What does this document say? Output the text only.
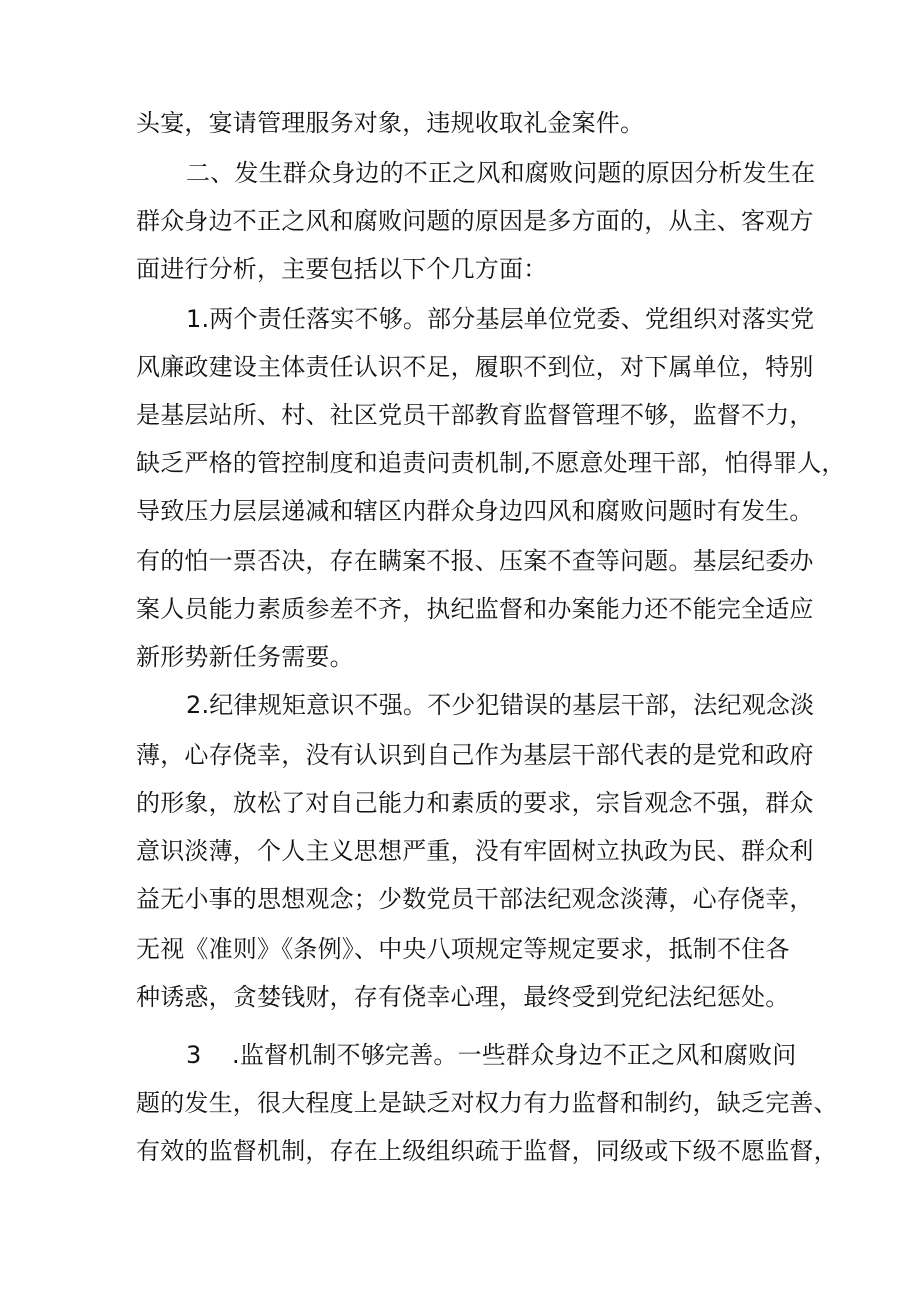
头宴，宴请管理服务对象，违规收取礼金案件。
二、发生群众身边的不正之风和腐败问题的原因分析发生在
群众身边不正之风和腐败问题的原因是多方面的，从主、客观方
面进行分析，主要包括以下个几方面：
1.两个责任落实不够。部分基层单位党委、党组织对落实党
风廉政建设主体责任认识不足，履职不到位，对下属单位，特别
是基层站所、村、社区党员干部教育监督管理不够，监督不力，
缺乏严格的管控制度和追责问责机制,不愿意处理干部，怕得罪人，
导致压力层层递减和辖区内群众身边四风和腐败问题时有发生。
有的怕一票否决，存在瞒案不报、压案不查等问题。基层纪委办
案人员能力素质参差不齐，执纪监督和办案能力还不能完全适应
新形势新任务需要。
2.纪律规矩意识不强。不少犯错误的基层干部，法纪观念淡
薄，心存侥幸，没有认识到自己作为基层干部代表的是党和政府
的形象，放松了对自己能力和素质的要求，宗旨观念不强，群众
意识淡薄，个人主义思想严重，没有牢固树立执政为民、群众利
益无小事的思想观念；少数党员干部法纪观念淡薄，心存侥幸，
无视《准则》《条例》、中央八项规定等规定要求，抵制不住各
种诱惑，贪婪钱财，存有侥幸心理，最终受到党纪法纪惩处。
3 .监督机制不够完善。一些群众身边不正之风和腐败问
题的发生，很大程度上是缺乏对权力有力监督和制约，缺乏完善、
有效的监督机制，存在上级组织疏于监督，同级或下级不愿监督，
